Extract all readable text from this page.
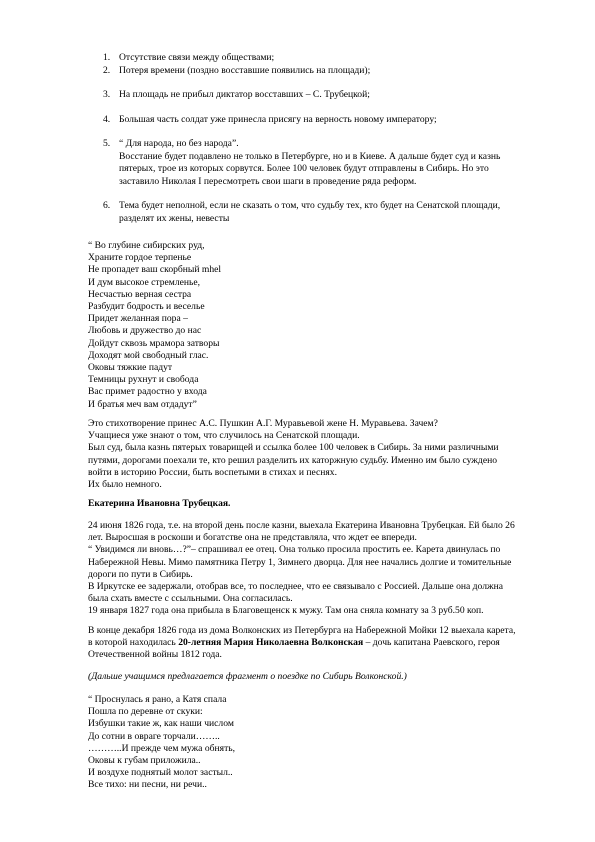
1. Отсутствие связи между обществами;
2. Потеря времени (поздно восставшие появились на площади);
3. На площадь не прибыл диктатор восставших – С. Трубецкой;
4. Большая часть солдат уже принесла присягу на верность новому императору;
5. “ Для народа, но без народа”.
Восстание будет подавлено не только в Петербурге, но и в Киеве. А дальше будет суд и казнь
пятерых, трое из которых сорвутся. Более 100 человек будут отправлены в Сибирь. Но это
заставило Николая I пересмотреть свои шаги в проведение ряда реформ.
6. Тема будет неполной, если не сказать о том, что судьбу тех, кто будет на Сенатской площади,
разделят их жены, невесты
“ Во глубине сибирских руд,
Храните гордое терпенье
Не пропадет ваш скорбный mhel
И дум высокое стремленье,
Несчастью верная сестра
Разбудит бодрость и веселье
Придет желанная пора –
Любовь и дружество до нас
Дойдут сквозь мрамора затворы
Доходят мой свободный глас.
Оковы тяжкие падут
Темницы рухнут и свобода
Вас примет радостно у входа
И братья меч вам отдадут”
Это стихотворение принес А.С. Пушкин А.Г. Муравьевой жене Н. Муравьева. Зачем?
Учащиеся уже знают о том, что случилось на Сенатской площади.
Был суд, была казнь пятерых товарищей и ссылка более 100 человек в Сибирь. За ними различными
путями, дорогами поехали те, кто решил разделить их каторжную судьбу. Именно им было суждено
войти в историю России, быть воспетыми в стихах и песнях.
Их было немного.
Екатерина Ивановна Трубецкая.
24 июня 1826 года, т.е. на второй день после казни, выехала Екатерина Ивановна Трубецкая. Ей было 26
лет. Выросшая в роскоши и богатстве она не представляла, что ждет ее впереди.
“ Увидимся ли вновь…?”– спрашивал ее отец. Она только просила простить ее. Карета двинулась по
Набережной Невы. Мимо памятника Петру 1, Зимнего дворца. Для нее начались долгие и томительные
дороги по пути в Сибирь.
В Иркутске ее задержали, отобрав все, то последнее, что ее связывало с Россией. Дальше она должна
была схать вместе с ссыльными. Она согласилась.
19 января 1827 года она прибыла в Благовещенск к мужу. Там она сняла комнату за 3 руб.50 коп.
В конце декабря 1826 года из дома Волконских из Петербурга на Набережной Мойки 12 выехала карета,
в которой находилась 20-летняя Мария Николаевна Волконская – дочь капитана Раевского, героя
Отечественной войны 1812 года.
(Дальше учащимся предлагается фрагмент о поездке по Сибирь Волконской.)
“ Проснулась я рано, а Катя спала
Пошла по деревне от скуки:
Избушки такие ж, как наши числом
До сотни в овраге торчали……..
………..И прежде чем мужа обнять,
Оковы к губам приложила..
И воздухе поднятый молот застыл..
Все тихо: ни песни, ни речи..
